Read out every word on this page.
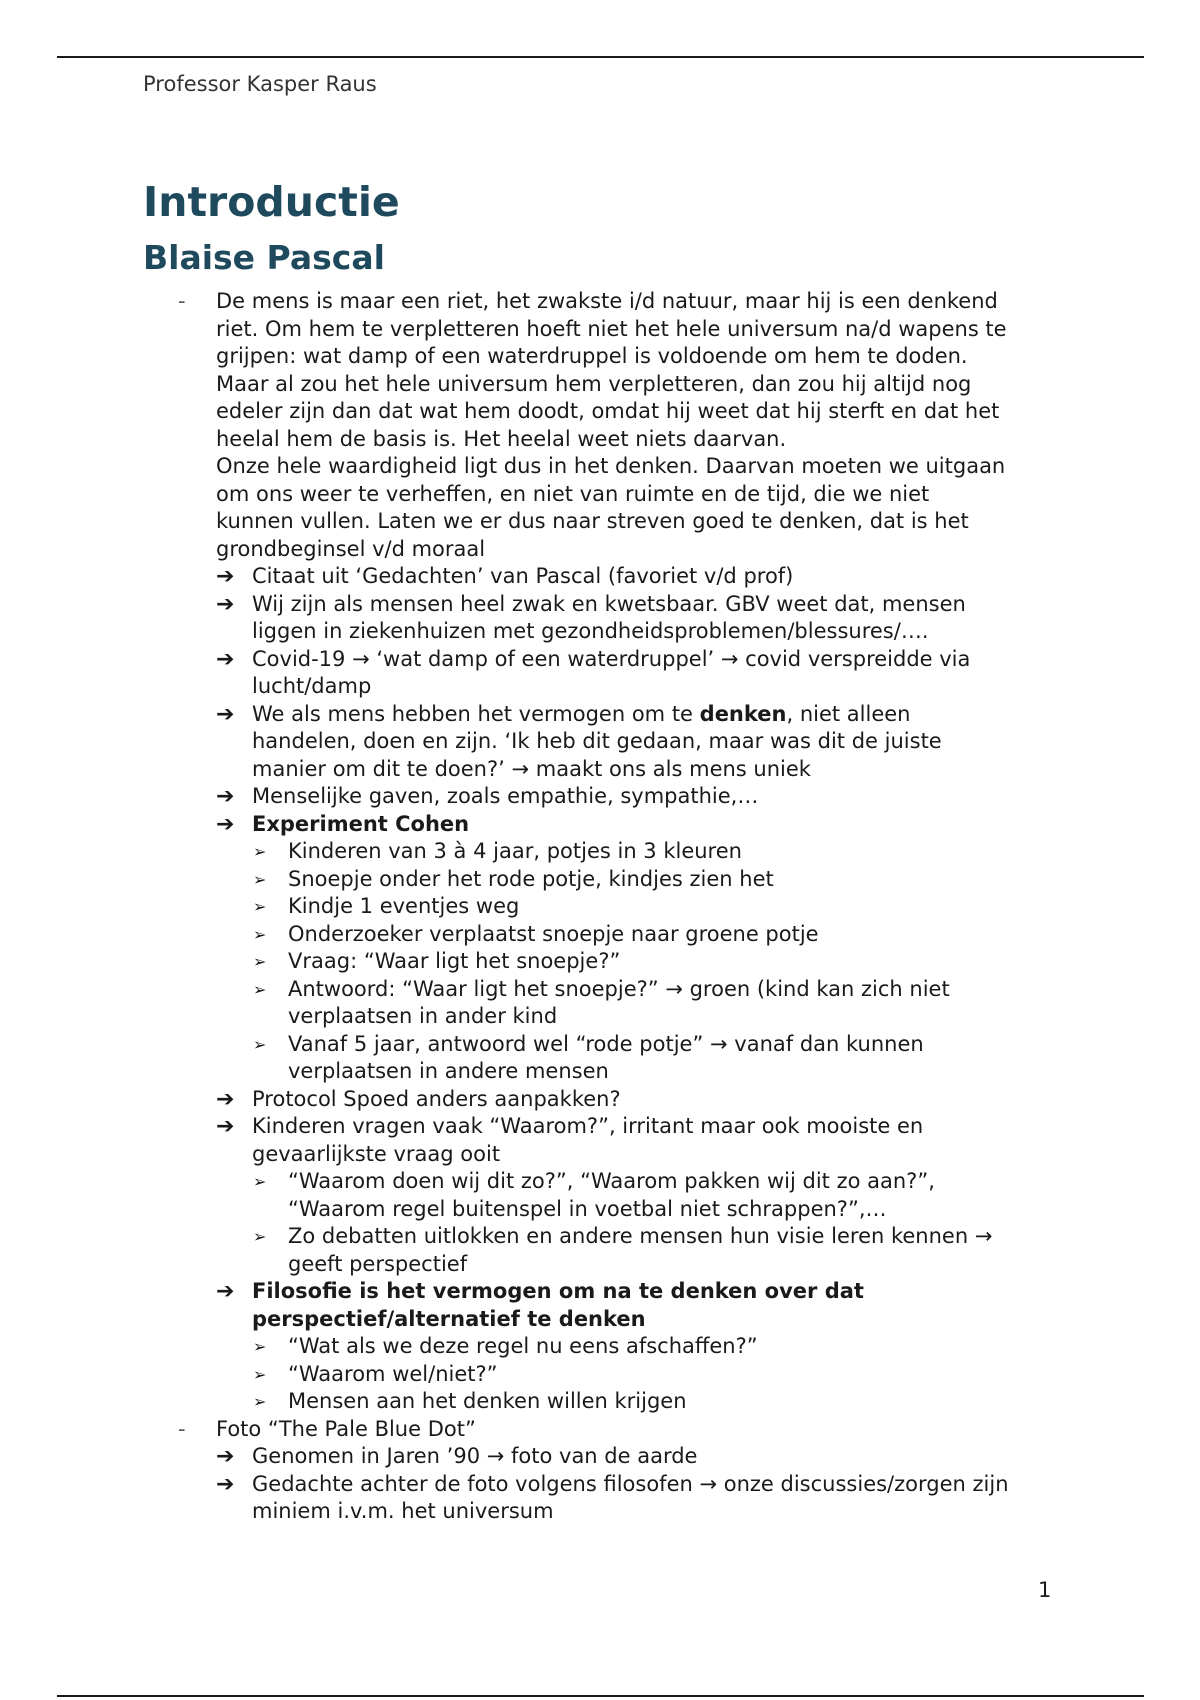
Professor Kasper Raus
Introductie
Blaise Pascal
-	De mens is maar een riet, het zwakste i/d natuur, maar hij is een denkend
riet. Om hem te verpletteren hoeft niet het hele universum na/d wapens te
grijpen: wat damp of een waterdruppel is voldoende om hem te doden.
Maar al zou het hele universum hem verpletteren, dan zou hij altijd nog
edeler zijn dan dat wat hem doodt, omdat hij weet dat hij sterft en dat het
heelal hem de basis is. Het heelal weet niets daarvan.
Onze hele waardigheid ligt dus in het denken. Daarvan moeten we uitgaan
om ons weer te verheffen, en niet van ruimte en de tijd, die we niet
kunnen vullen. Laten we er dus naar streven goed te denken, dat is het
grondbeginsel v/d moraal
➔ Citaat uit ‘Gedachten’ van Pascal (favoriet v/d prof)
➔ Wij zijn als mensen heel zwak en kwetsbaar. GBV weet dat, mensen
liggen in ziekenhuizen met gezondheidsproblemen/blessures/….
➔ Covid-19 → ‘wat damp of een waterdruppel’ → covid verspreidde via
lucht/damp
➔ We als mens hebben het vermogen om te denken, niet alleen
handelen, doen en zijn. ‘Ik heb dit gedaan, maar was dit de juiste
manier om dit te doen?’ → maakt ons als mens uniek
➔ Menselijke gaven, zoals empathie, sympathie,…
➔ Experiment Cohen
➢	Kinderen van 3 à 4 jaar, potjes in 3 kleuren
➢	Snoepje onder het rode potje, kindjes zien het
➢	Kindje 1 eventjes weg
➢	Onderzoeker verplaatst snoepje naar groene potje
➢	Vraag: “Waar ligt het snoepje?”
➢	Antwoord: “Waar ligt het snoepje?” → groen (kind kan zich niet
verplaatsen in ander kind
➢	Vanaf 5 jaar, antwoord wel “rode potje” → vanaf dan kunnen
verplaatsen in andere mensen
➔ Protocol Spoed anders aanpakken?
➔ Kinderen vragen vaak “Waarom?”, irritant maar ook mooiste en
gevaarlijkste vraag ooit
➢	“Waarom doen wij dit zo?”, “Waarom pakken wij dit zo aan?”,
“Waarom regel buitenspel in voetbal niet schrappen?”,…
➢	Zo debatten uitlokken en andere mensen hun visie leren kennen →
geeft perspectief
➔ Filosofie is het vermogen om na te denken over dat
perspectief/alternatief te denken
➢	“Wat als we deze regel nu eens afschaffen?”
➢	“Waarom wel/niet?”
➢	Mensen aan het denken willen krijgen
-	Foto “The Pale Blue Dot”
➔ Genomen in Jaren ’90 → foto van de aarde
➔ Gedachte achter de foto volgens filosofen → onze discussies/zorgen zijn
miniem i.v.m. het universum
1
